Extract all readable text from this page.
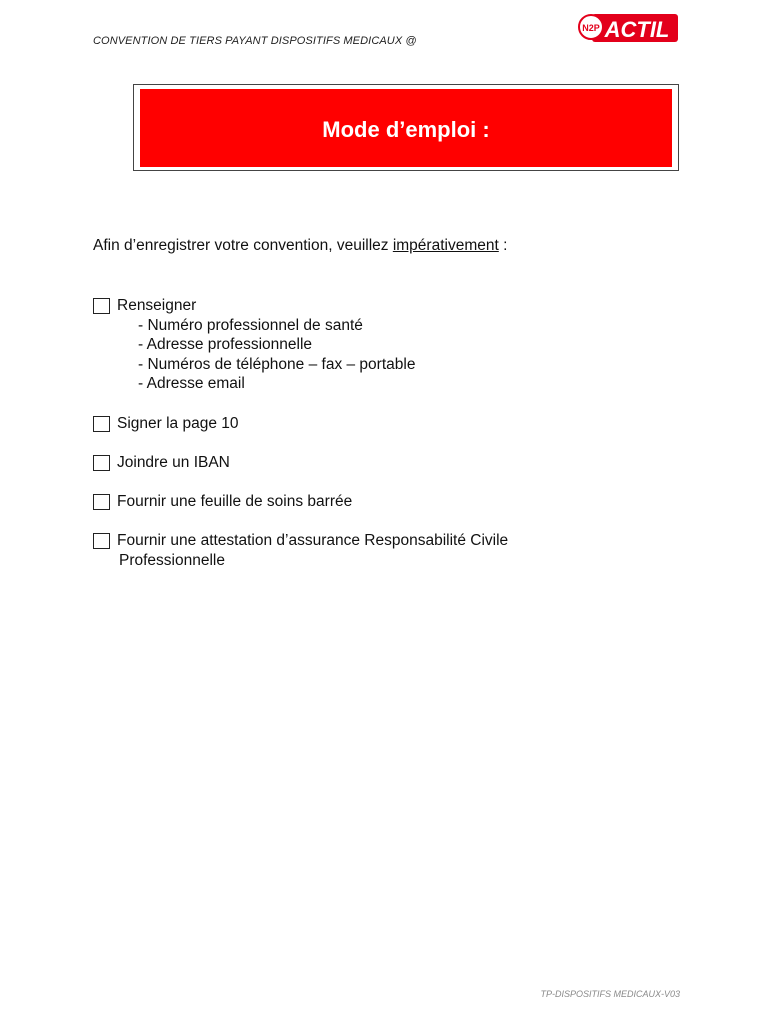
CONVENTION DE TIERS PAYANT DISPOSITIFS MEDICAUX @
N2P ACTIL
Mode d’emploi :
Afin d’enregistrer votre convention, veuillez impérativement :
Renseigner
- Numéro professionnel de santé
- Adresse professionnelle
- Numéros de téléphone – fax – portable
- Adresse email
Signer la page 10
Joindre un IBAN
Fournir une feuille de soins barrée
Fournir une attestation d’assurance Responsabilité Civile
Professionnelle
TP-DISPOSITIFS MEDICAUX-V03
